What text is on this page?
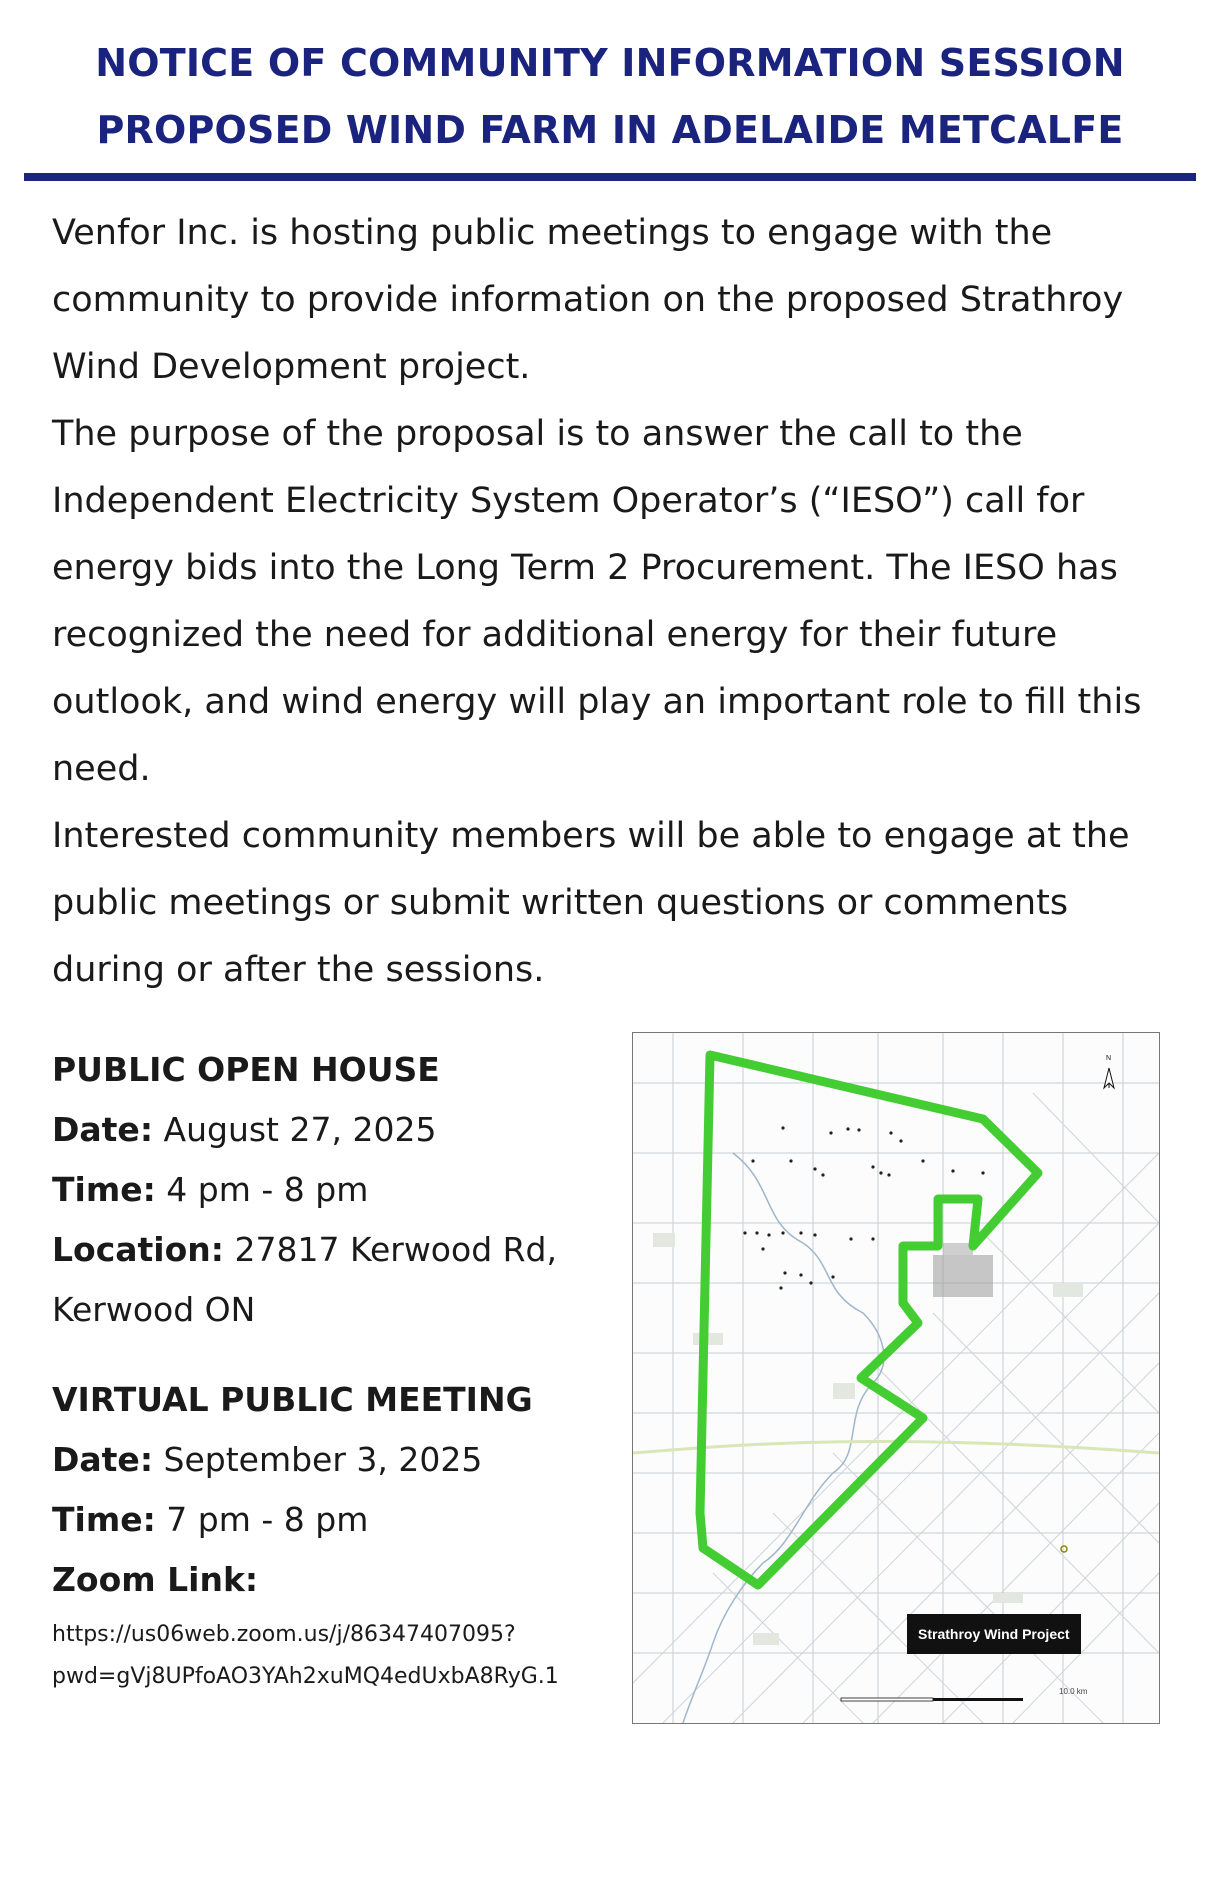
NOTICE OF COMMUNITY INFORMATION SESSION
PROPOSED WIND FARM IN ADELAIDE METCALFE

Venfor Inc. is hosting public meetings to engage with the community to provide information on the proposed Strathroy Wind Development project.

The purpose of the proposal is to answer the call to the Independent Electricity System Operator’s (“IESO”) call for energy bids into the Long Term 2 Procurement. The IESO has recognized the need for additional energy for their future outlook, and wind energy will play an important role to fill this need.

Interested community members will be able to engage at the public meetings or submit written questions or comments during or after the sessions.

PUBLIC OPEN HOUSE
Date: August 27, 2025
Time: 4 pm - 8 pm
Location: 27817 Kerwood Rd,
Kerwood ON
VIRTUAL PUBLIC MEETING
Date: September 3, 2025
Time: 7 pm - 8 pm
Zoom Link:
https://us06web.zoom.us/j/86347407095?
pwd=gVj8UPfoAO3YAh2xuMQ4edUxbA8RyG.1
Strathroy Wind Project
10.0 km
N
